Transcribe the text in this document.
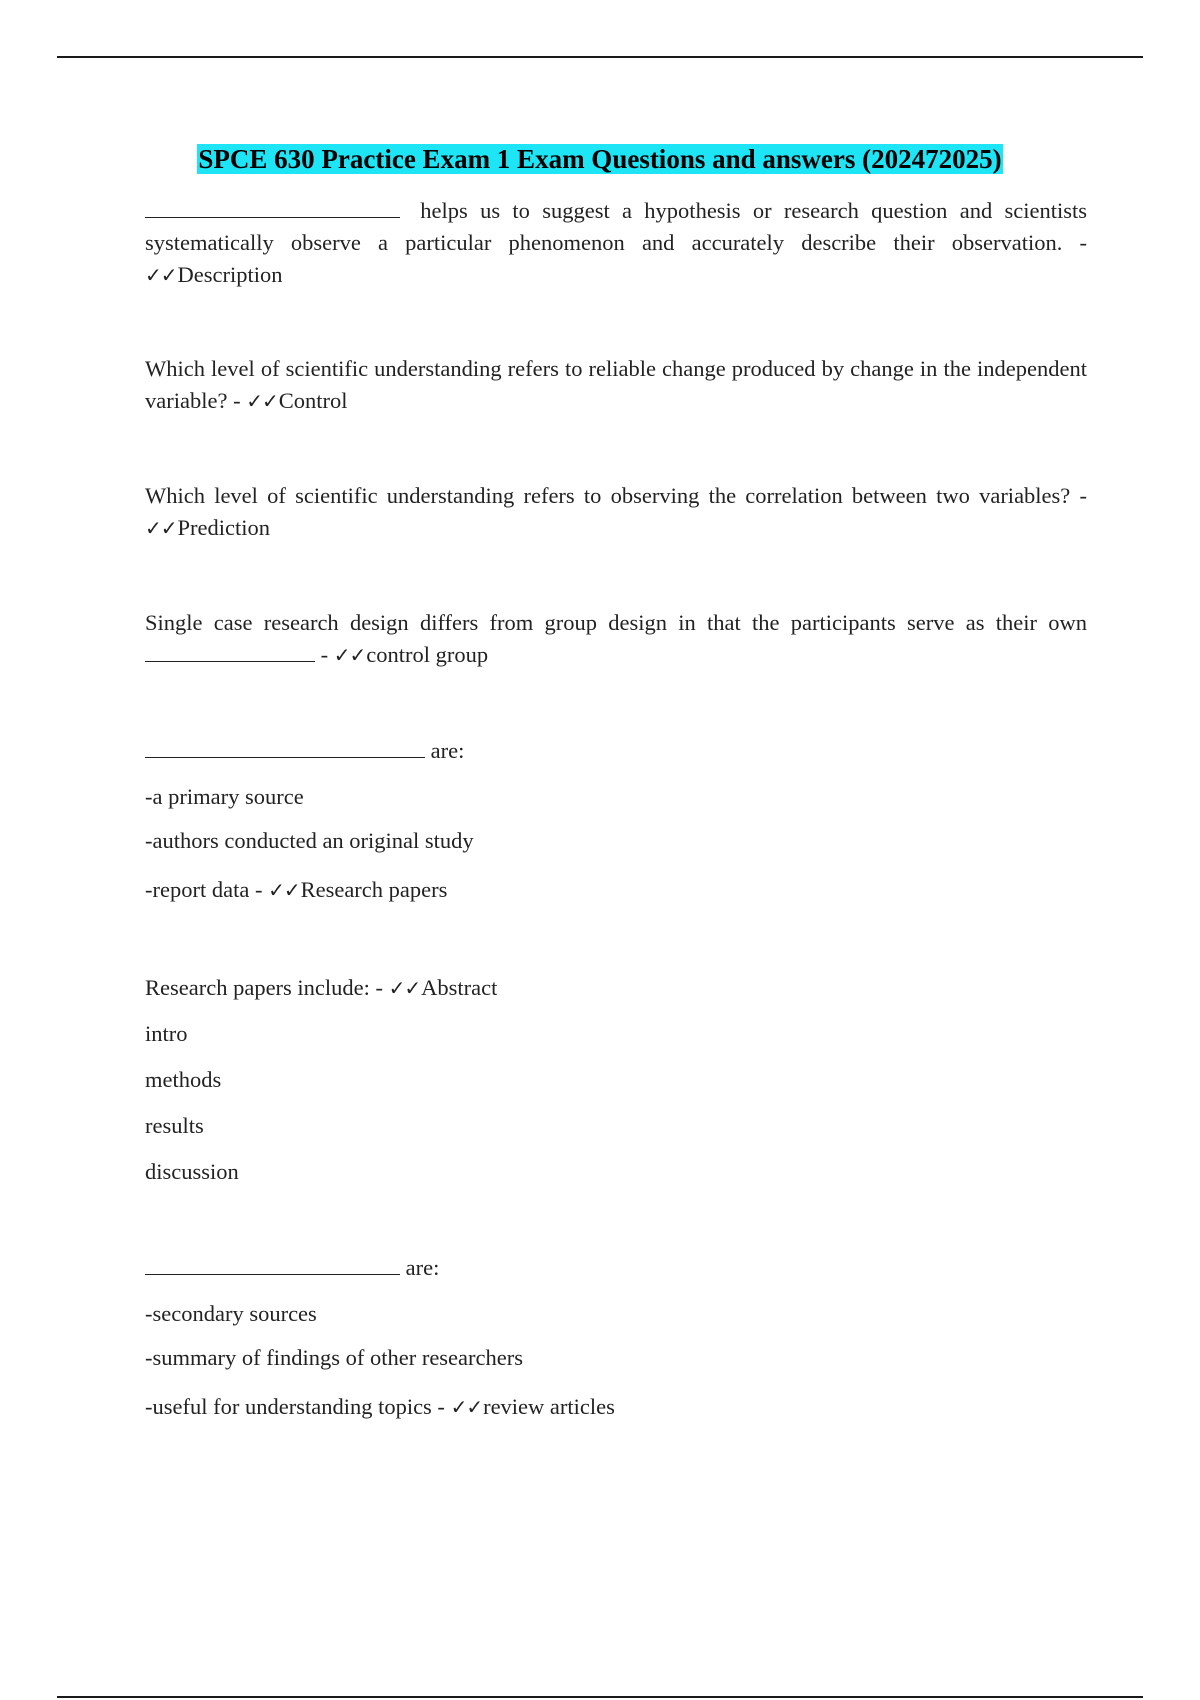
SPCE 630 Practice Exam 1 Exam Questions and answers (202472025)

helps us to suggest a hypothesis or research question and scientists systematically observe a particular phenomenon and accurately describe their observation. - ✓✓Description

Which level of scientific understanding refers to reliable change produced by change in the independent variable? - ✓✓Control

Which level of scientific understanding refers to observing the correlation between two variables? - ✓✓Prediction

Single case research design differs from group design in that the participants serve as their own  - ✓✓control group

are:

-a primary source

-authors conducted an original study

-report data - ✓✓Research papers

Research papers include: - ✓✓Abstract

intro

methods

results

discussion

are:

-secondary sources

-summary of findings of other researchers

-useful for understanding topics - ✓✓review articles
